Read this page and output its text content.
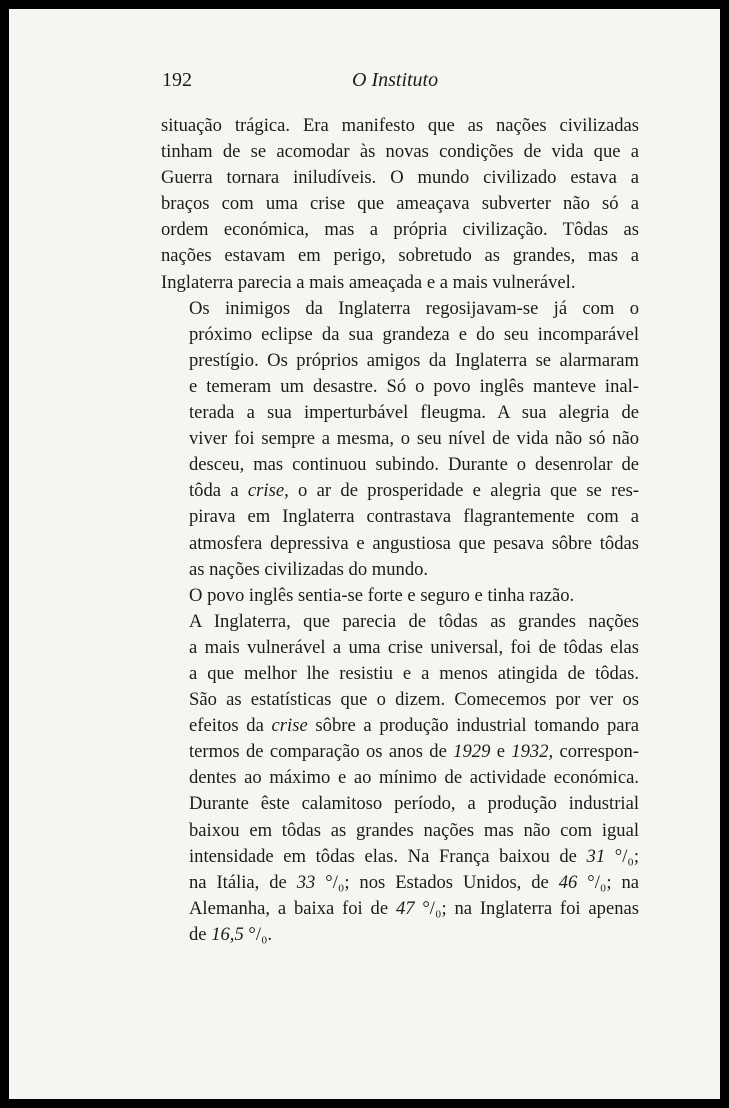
192	O Instituto
situação trágica. Era manifesto que as nações civilizadas
tinham de se acomodar às novas condições de vida que a
Guerra tornara iniludíveis. O mundo civilizado estava a
braços com uma crise que ameaçava subverter não só a
ordem económica, mas a própria civilização. Tôdas as
nações estavam em perigo, sobretudo as grandes, mas a
Inglaterra parecia a mais ameaçada e a mais vulnerável.
Os inimigos da Inglaterra regosijavam-se já com o
próximo eclipse da sua grandeza e do seu incomparável
prestígio. Os próprios amigos da Inglaterra se alarmaram
e temeram um desastre. Só o povo inglês manteve inal-
terada a sua imperturbável fleugma. A sua alegria de
viver foi sempre a mesma, o seu nível de vida não só não
desceu, mas continuou subindo. Durante o desenrolar de
tôda a crise, o ar de prosperidade e alegria que se res-
pirava em Inglaterra contrastava flagrantemente com a
atmosfera depressiva e angustiosa que pesava sôbre tôdas
as nações civilizadas do mundo.
O povo inglês sentia-se forte e seguro e tinha razão.
A Inglaterra, que parecia de tôdas as grandes nações
a mais vulnerável a uma crise universal, foi de tôdas elas
a que melhor lhe resistiu e a menos atingida de tôdas.
São as estatísticas que o dizem. Comecemos por ver os
efeitos da crise sôbre a produção industrial tomando para
termos de comparação os anos de 1929 e 1932, correspon-
dentes ao máximo e ao mínimo de actividade económica.
Durante êste calamitoso período, a produção industrial
baixou em tôdas as grandes nações mas não com igual
intensidade em tôdas elas. Na França baixou de 31 °/₀;
na Itália, de 33 °/₀; nos Estados Unidos, de 46 °/₀; na
Alemanha, a baixa foi de 47 °/₀; na Inglaterra foi apenas
de 16,5 °/₀.
